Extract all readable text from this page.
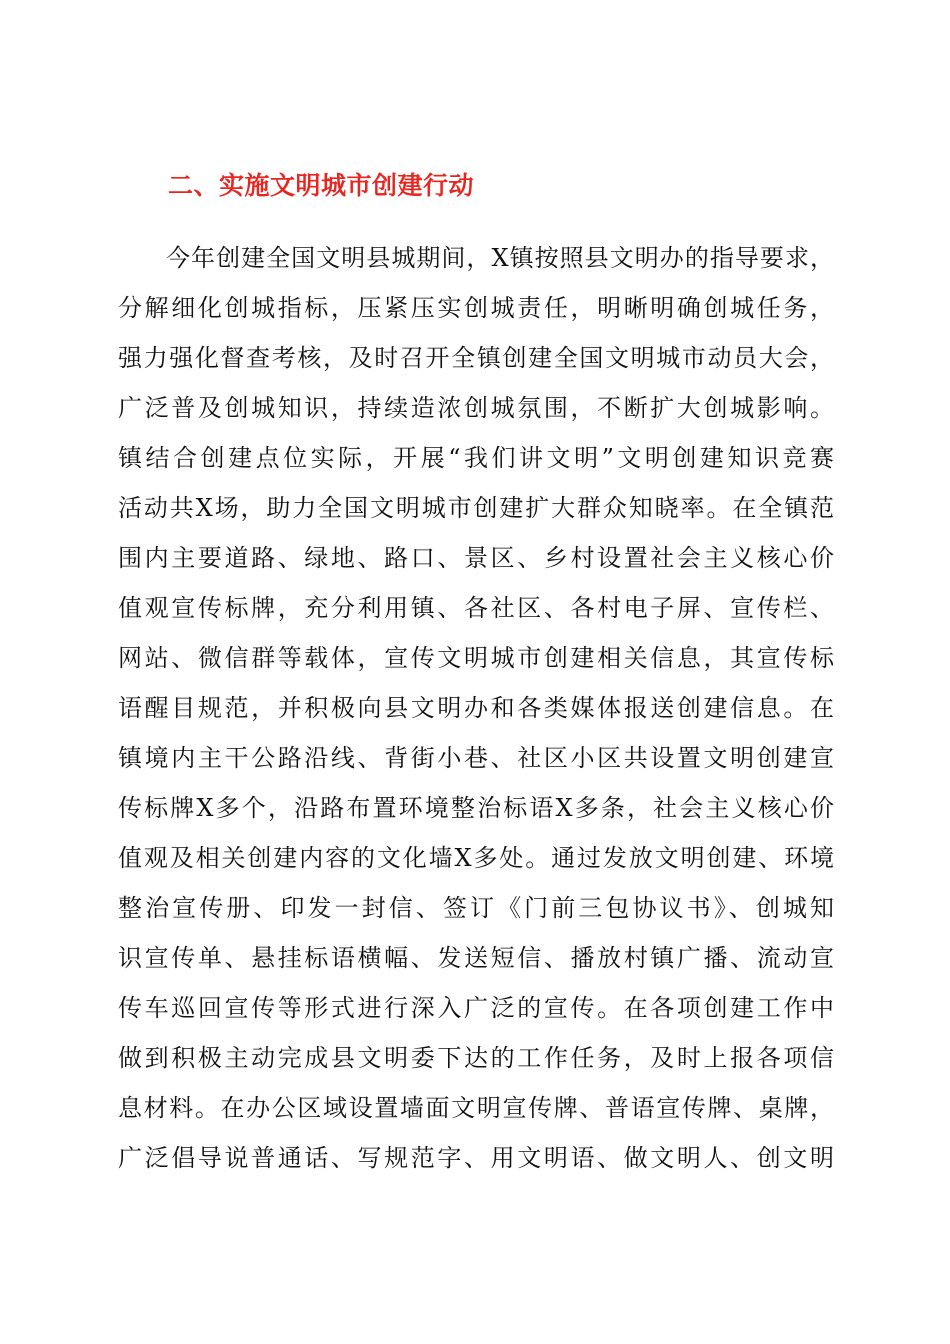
二、实施文明城市创建行动
今年创建全国文明县城期间，X镇按照县文明办的指导要求，
分解细化创城指标，压紧压实创城责任，明晰明确创城任务，
强力强化督查考核，及时召开全镇创建全国文明城市动员大会，
广泛普及创城知识，持续造浓创城氛围，不断扩大创城影响。
镇结合创建点位实际，开展“我们讲文明”文明创建知识竞赛
活动共X场，助力全国文明城市创建扩大群众知晓率。在全镇范
围内主要道路、绿地、路口、景区、乡村设置社会主义核心价
值观宣传标牌，充分利用镇、各社区、各村电子屏、宣传栏、
网站、微信群等载体，宣传文明城市创建相关信息，其宣传标
语醒目规范，并积极向县文明办和各类媒体报送创建信息。在
镇境内主干公路沿线、背街小巷、社区小区共设置文明创建宣
传标牌X多个，沿路布置环境整治标语X多条，社会主义核心价
值观及相关创建内容的文化墙X多处。通过发放文明创建、环境
整治宣传册、印发一封信、签订《门前三包协议书》、创城知
识宣传单、悬挂标语横幅、发送短信、播放村镇广播、流动宣
传车巡回宣传等形式进行深入广泛的宣传。在各项创建工作中
做到积极主动完成县文明委下达的工作任务，及时上报各项信
息材料。在办公区域设置墙面文明宣传牌、普语宣传牌、桌牌，
广泛倡导说普通话、写规范字、用文明语、做文明人、创文明
